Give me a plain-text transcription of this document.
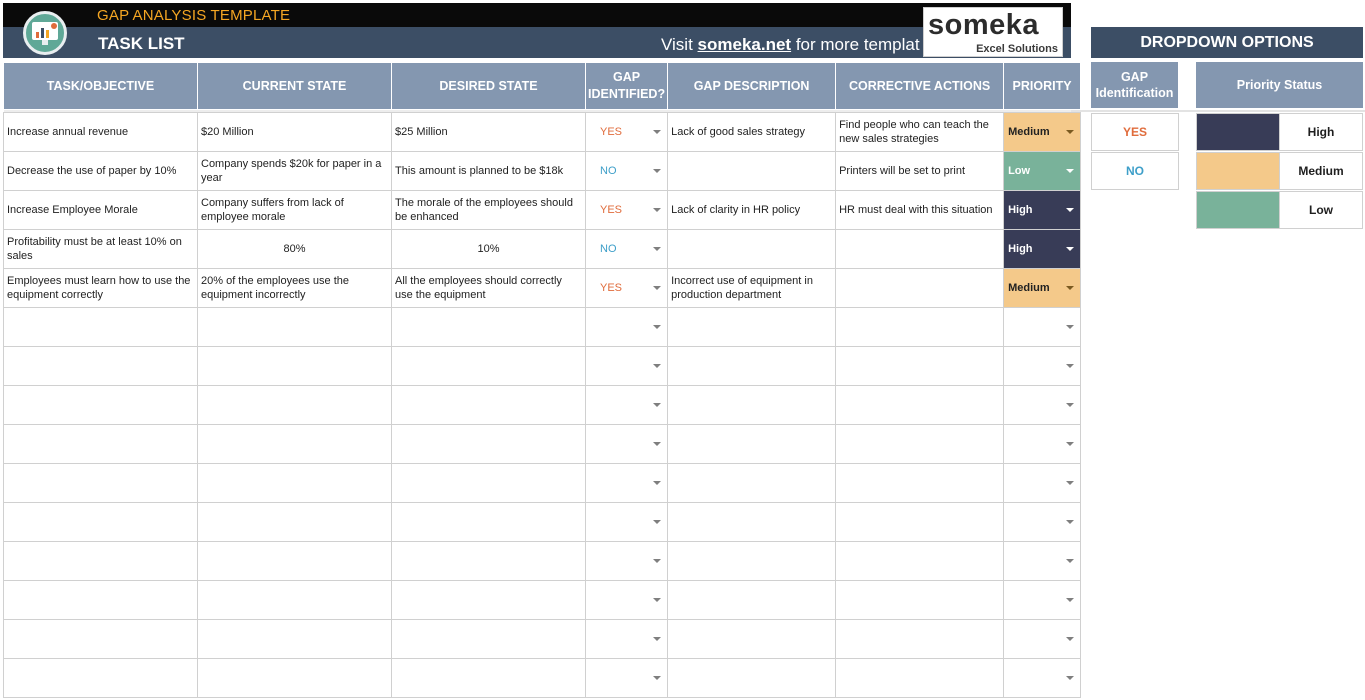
GAP ANALYSIS TEMPLATE
TASK LIST	Visit someka.net for more templat
someka
Excel Solutions
TASK/OBJECTIVE	CURRENT STATE	DESIRED STATE	GAP IDENTIFIED?	GAP DESCRIPTION	CORRECTIVE ACTIONS	PRIORITY

Increase annual revenue	$20 Million	$25 Million	YES	Lack of good sales strategy	Find people who can teach the new sales strategies	Medium

Decrease the use of paper by 10%	Company spends $20k for paper in a year	This amount is planned to be $18k	NO		Printers will be set to print	Low

Increase Employee Morale	Company suffers from lack of employee morale	The morale of the employees should be enhanced	YES	Lack of clarity in HR policy	HR must deal with this situation	High

Profitability must be at least 10% on sales	80%	10%	NO			High

Employees must learn how to use the equipment correctly	20% of the employees use the equipment incorrectly	All the employees should correctly use the equipment	YES	Incorrect use of equipment in production department		Medium

DROPDOWN OPTIONS
GAP Identification
Priority Status
YES
NO
High
Medium
Low
